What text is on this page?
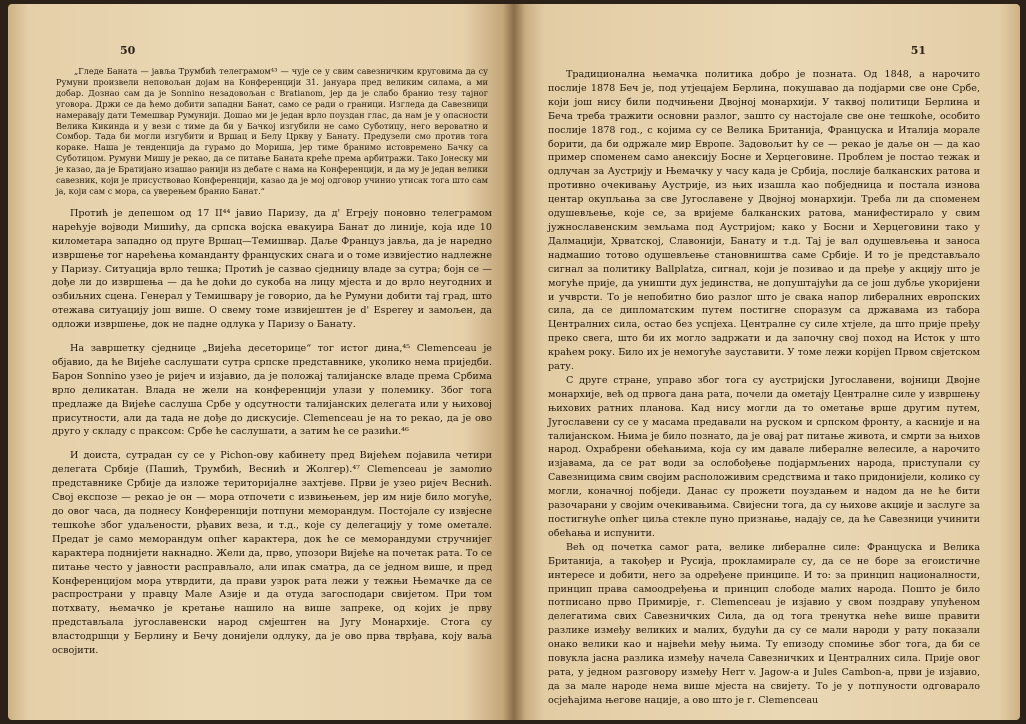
50

„Гледе Баната — јавља Трумбић телеграмом⁴³ — чује се у свим савезничким круговима да су Румуни произвели неповољан дојам на Конференцији 31. јануара пред великим силама, а ми добар. Дознао сам да је Sonnino незадовољан с Bratianom, јер да је слабо бранио тезу тајног уговора. Држи се да ћемо добити западни Банат, само се ради о граници. Изгледа да Савезници намеравају дати Темешвар Румунији. Дошао ми је један врло поуздан глас, да нам је у опасности Велика Кикинда и у вези с тиме да би у Бачкој изгубили не само Суботицу, него вероватно и Сомбор. Тада би могли изгубити и Вршац и Белу Цркву у Банату. Предузели смо против тога кораке. Наша је тенденција да гурамо до Мориша, јер тиме бранимо истовремено Бачку са Суботицом. Румуни Мишу је рекао, да се питање Баната креће према арбитражи. Тако Јонеску ми је казао, да је Братијано изашао ранији из дебате с нама на Конференцији, и да му је један велики савезник, који је присуствовао Конференцији, казао да је мој одговор учинио утисак тога што сам ја, који сам с мора, са уверењем бранио Банат.“

Протић је депешом од 17 II⁴⁴ јавио Паризу, да д' Егреју поновно телеграмом нарећује војводи Мишићу, да српска војска евакуира Банат до линије, која иде 10 километара западно од пруге Вршац—Темишвар. Даље Француз јавља, да је наредно извршење тог нарећења команданту француских снага и о томе извијестио надлежне у Паризу. Ситуација врло тешка; Протић је сазвао сједницу владе за сутра; бојн се — дође ли до извршења — да ће доћи до сукоба на лицу мјеста и до врло неугодних и озбиљних сцена. Генерал у Темишвару је говорио, да ће Румуни добити тај град, што отежава ситуацију још више. О свему томе извијештен је d' Esperey и замољен, да одложи извршење, док не падне одлука у Паризу о Банату.

На завршетку сједнице „Вијећа десеторице“ тог истог дина,⁴⁵ Clemenceau је објавио, да ће Вијеће саслушати сутра српске представнике, уколико нема приједби. Барон Sonnino узео је ријеч и изјавио, да је положај талијанске владе према Србима врло деликатан. Влада не жели на конференцији улази у полемику. Због тога предлаже да Вијеће саслуша Србе у одсутности талијанских делегата или у њиховој присутности, али да тада не дође до дискусије. Clemenceau је на то рекао, да је ово друго у складу с праксом: Србе ће саслушати, а затим ће се разићи.⁴⁶

И доиста, сутрадан су се у Pichon-ову кабинету пред Вијећем појавила четири делегата Србије (Пашић, Трумбић, Веснић и Жолгер).⁴⁷ Clemenceau је замолио представнике Србије да изложе територијалне захтјеве. Први је узео ријеч Веснић. Свој експозе — рекао је он — мора отпочети с извињењем, јер им није било могуће, до овог часа, да поднесу Конференцији потпуни меморандум. Постојале су извјесне тешкоће због удаљености, рђавих веза, и т.д., које су делегацију у томе ометале. Предат је само меморандум опћег карактера, док ће се меморандуми стручнијег карактера поднијети накнадно. Жели да, прво, упозори Вијеће на почетак рата. То се питање често у јавности расправљало, али ипак сматра, да се једном више, и пред Конференцијом мора утврдити, да прави узрок рата лежи у тежњи Њемачке да се распространи у правцу Мале Азије и да отуда загосподари свијетом. При том потхвату, њемачко је кретање нашило на више запреке, од којих је прву представљала југославенски народ смјештен на Југу Монархије. Стога су властодршци у Берлину и Бечу донијели одлуку, да је ово прва тврђава, коју ваља освојити.

51

Традиционална њемачка политика добро је позната. Од 1848, а нарочито послије 1878 Беч је, под утјецајем Берлина, покушавао да подјарми све оне Србе, који још нису били подчињени Двојној монархији. У таквој политици Берлина и Беча треба тражити основни разлог, зашто су настојале све оне тешкоће, особито послије 1878 год., с којима су се Велика Британија, Француска и Италија морале борити, да би одржале мир Европе. Задовољит ћу се — рекао је даље он — да као пример споменем само анексију Босне и Херцеговине. Проблем је постао тежак и одлучан за Аустрију и Њемачку у часу када је Србија, послије балканских ратова и противно очекивању Аустрије, из њих изашла као побједница и постала изнова центар окупљања за све Југославене у Двојној монархији. Треба ли да споменем одушевљење, које се, за вријеме балканских ратова, манифестирало у свим јужнославенским земљама под Аустријом; како у Босни и Херцеговини тако у Далмацији, Хрватској, Славонији, Банату и т.д. Тај је вал одушевљења и заноса надмашио тотово одушевљење становништва саме Србије. И то је представљало сигнал за политику Ballplatza, сигнал, који је позивао и да пређе у акцију што је могуће прије, да уништи дух јединства, не допуштајући да се још дубље укоријени и учврсти. То је непобитно био разлог што је свака напор либералних европских сила, да се дипломатским путем постигне споразум са државама из табора Централних сила, остао без успјеха. Централне су силе хтјеле, да што прије пређу преко свега, што би их могло задржати и да започну свој поход на Исток у што краћем року. Било их је немогуће зауставити. У томе лежи корijen Првом свјетском рату.

С друге стране, управо због тога су аустријски Југославени, војници Двојне монархије, већ од првога дана рата, почели да ометају Централне силе у извршењу њихових ратних планова. Кад нису могли да то ометање врше другим путем, Југославени су се у масама предавали на руском и српском фронту, а касније и на талијанском. Њима је било познато, да је овај рат питање живота, и смрти за њихов народ. Охрабрени обећањима, која су им давале либералне велесиле, а нарочито изјавама, да се рат води за ослобођење подјармљених народа, приступали су Савезницима свим својим расположивим средствима и тако придонијели, колико су могли, коначној побједи. Данас су прожети поуздањем и надом да не ће бити разочарани у својим очекивањима. Свијесни тога, да су њихове акције и заслуге за постигнуће опћег циља стекле пуно признање, надају се, да ће Савезници учинити обећања и испунити.

Већ од почетка самог рата, велике либералне силе: Француска и Велика Британија, а такођер и Русија, прокламирале су, да се не боре за егоистичне интересе и добити, него за одређене принципе. И то: за принцип националности, принцип права самоодређења и принцип слободе малих народа. Пошто је било потписано прво Примирје, г. Clemenceau је изјавио у свом поздраву упућеном делегатима свих Савезничких Сила, да од тога тренутка неће више правити разлике између великих и малих, будући да су се мали народи у рату показали онако велики као и највећи међу њима. Ту епизоду спомиње због тога, да би се повукла јасна разлика између начела Савезничких и Централних сила. Прије овог рата, у једном разговору између Herr v. Jagow-а и Jules Cambon-а, први је изјавио, да за мале народе нема више мјеста на свијету. То је у потпуности одговарало осјећајима његове нације, а ово што је г. Clemenceau
